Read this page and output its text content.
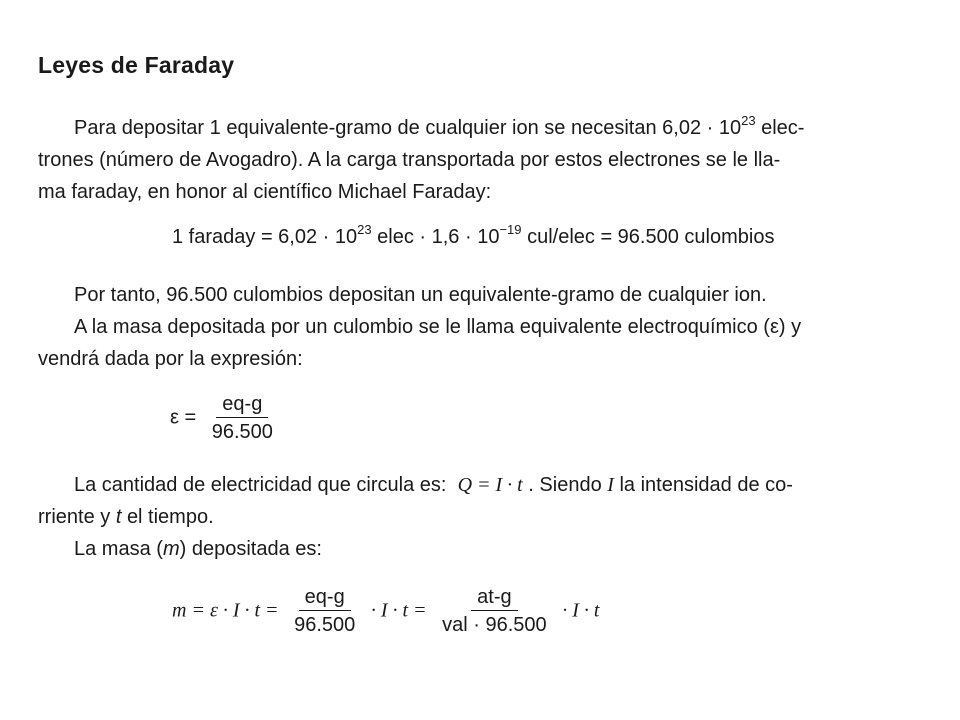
Leyes de Faraday
Para depositar 1 equivalente-gramo de cualquier ion se necesitan $6,02 \cdot 10^{23}$ elec-
trones (número de Avogadro). A la carga transportada por estos electrones se le lla-
ma faraday, en honor al científico Michael Faraday:
1 faraday = $6,02 \cdot 10^{23}$ elec · $1,6 \cdot 10^{-19}$ cul/elec = 96.500 culombios
Por tanto, 96.500 culombios depositan un equivalente-gramo de cualquier ion.
A la masa depositada por un culombio se le llama equivalente electroquímico (ε) y
vendrá dada por la expresión:
$\varepsilon = \frac{eq-g}{96.500}$
La cantidad de electricidad que circula es: Q = I · t . Siendo I la intensidad de co-
rriente y t el tiempo.
La masa (m) depositada es:
$m = \varepsilon \cdot I \cdot t = \frac{eq-g}{96.500} \cdot I \cdot t = \frac{at-g}{\text{val · 96.500}} \cdot I \cdot t$
